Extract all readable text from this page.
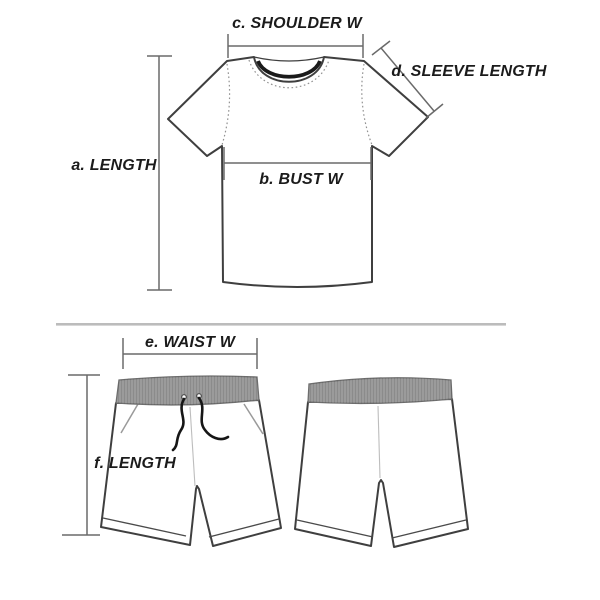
a. LENGTH
c. SHOULDER W
b. BUST W
d. SLEEVE LENGTH
e. WAIST W
f. LENGTH
